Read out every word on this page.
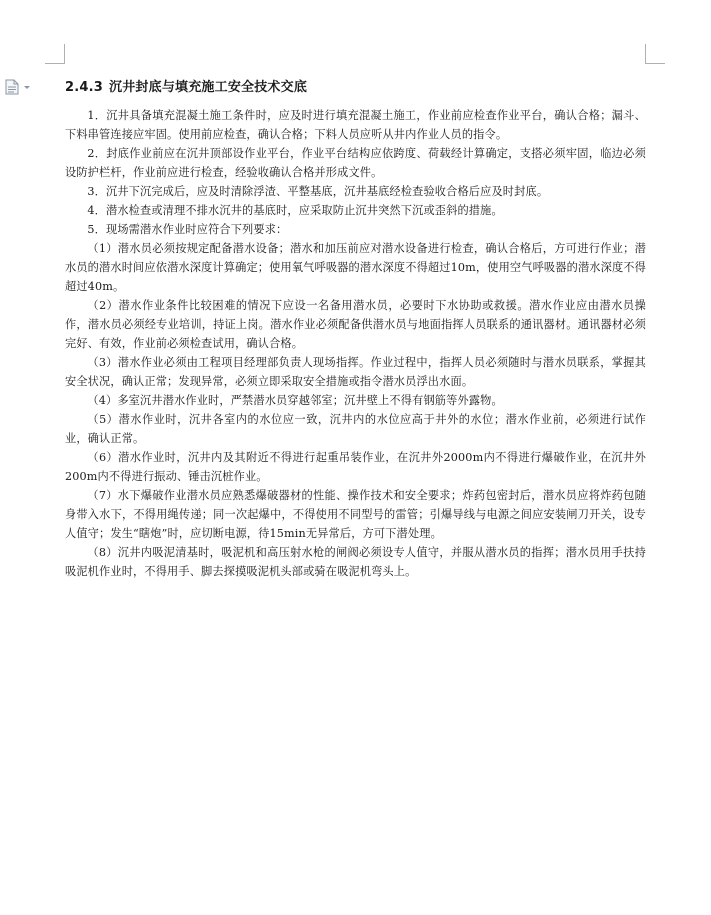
2.4.3 沉井封底与填充施工安全技术交底

1．沉井具备填充混凝土施工条件时，应及时进行填充混凝土施工，作业前应检查作业平台，确认合格；漏斗、下料串管连接应牢固。使用前应检查，确认合格；下料人员应听从井内作业人员的指令。

2．封底作业前应在沉井顶部设作业平台，作业平台结构应依跨度、荷载经计算确定，支搭必须牢固，临边必须设防护栏杆，作业前应进行检查，经验收确认合格并形成文件。

3．沉井下沉完成后，应及时清除浮渣、平整基底，沉井基底经检查验收合格后应及时封底。

4．潜水检查或清理不排水沉井的基底时，应采取防止沉井突然下沉或歪斜的措施。

5．现场需潜水作业时应符合下列要求：

（1）潜水员必须按规定配备潜水设备；潜水和加压前应对潜水设备进行检查，确认合格后，方可进行作业；潜水员的潜水时间应依潜水深度计算确定；使用氧气呼吸器的潜水深度不得超过10m，使用空气呼吸器的潜水深度不得超过40m。

（2）潜水作业条件比较困难的情况下应设一名备用潜水员，必要时下水协助或救援。潜水作业应由潜水员操作，潜水员必须经专业培训，持证上岗。潜水作业必须配备供潜水员与地面指挥人员联系的通讯器材。通讯器材必须完好、有效，作业前必须检查试用，确认合格。

（3）潜水作业必须由工程项目经理部负责人现场指挥。作业过程中，指挥人员必须随时与潜水员联系，掌握其安全状况，确认正常；发现异常，必须立即采取安全措施或指令潜水员浮出水面。

（4）多室沉井潜水作业时，严禁潜水员穿越邻室；沉井壁上不得有钢筋等外露物。

（5）潜水作业时，沉井各室内的水位应一致，沉井内的水位应高于井外的水位；潜水作业前，必须进行试作业，确认正常。

（6）潜水作业时，沉井内及其附近不得进行起重吊装作业，在沉井外2000m内不得进行爆破作业，在沉井外200m内不得进行振动、锤击沉桩作业。

（7）水下爆破作业潜水员应熟悉爆破器材的性能、操作技术和安全要求；炸药包密封后，潜水员应将炸药包随身带入水下，不得用绳传递；同一次起爆中，不得使用不同型号的雷管；引爆导线与电源之间应安装闸刀开关，设专人值守；发生“瞎炮”时，应切断电源，待15min无异常后，方可下潜处理。

（8）沉井内吸泥清基时，吸泥机和高压射水枪的闸阀必须设专人值守，并服从潜水员的指挥；潜水员用手扶持吸泥机作业时，不得用手、脚去探摸吸泥机头部或骑在吸泥机弯头上。
